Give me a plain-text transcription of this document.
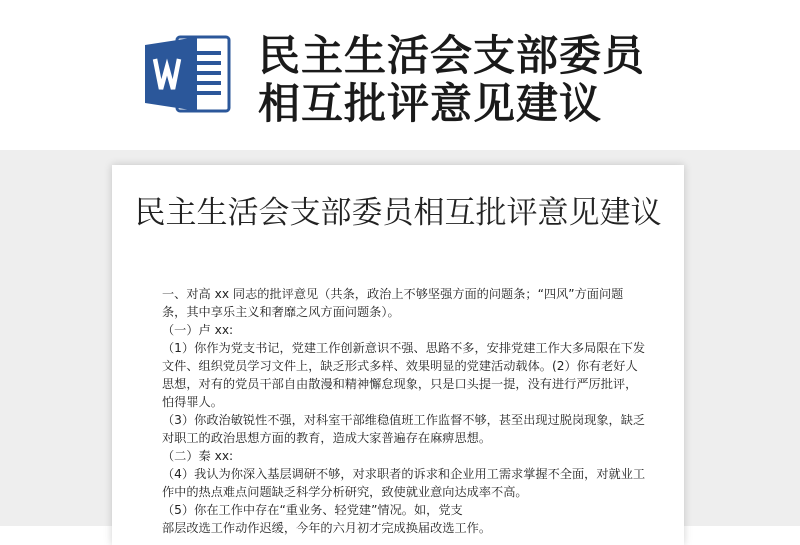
民主生活会支部委员
相互批评意见建议
民主生活会支部委员相互批评意见建议

一、对高 xx 同志的批评意见（共条，政治上不够坚强方面的问题条；“四风”方面问题条，其中享乐主义和奢靡之风方面问题条）。

（一）卢 xx:

（1）你作为党支书记，党建工作创新意识不强、思路不多，安排党建工作大多局限在下发文件、组织党员学习文件上，缺乏形式多样、效果明显的党建活动载体。(2）你有老好人思想，对有的党员干部自由散漫和精神懈怠现象，只是口头提一提，没有进行严厉批评，怕得罪人。

（3）你政治敏锐性不强，对科室干部维稳值班工作监督不够，甚至出现过脱岗现象，缺乏对职工的政治思想方面的教育，造成大家普遍存在麻痹思想。

（二）秦 xx:

（4）我认为你深入基层调研不够，对求职者的诉求和企业用工需求掌握不全面，对就业工作中的热点难点问题缺乏科学分析研究，致使就业意向达成率不高。

（5）你在工作中存在“重业务、轻党建”情况。如，党支

部层改选工作动作迟缓，今年的六月初才完成换届改选工作。
